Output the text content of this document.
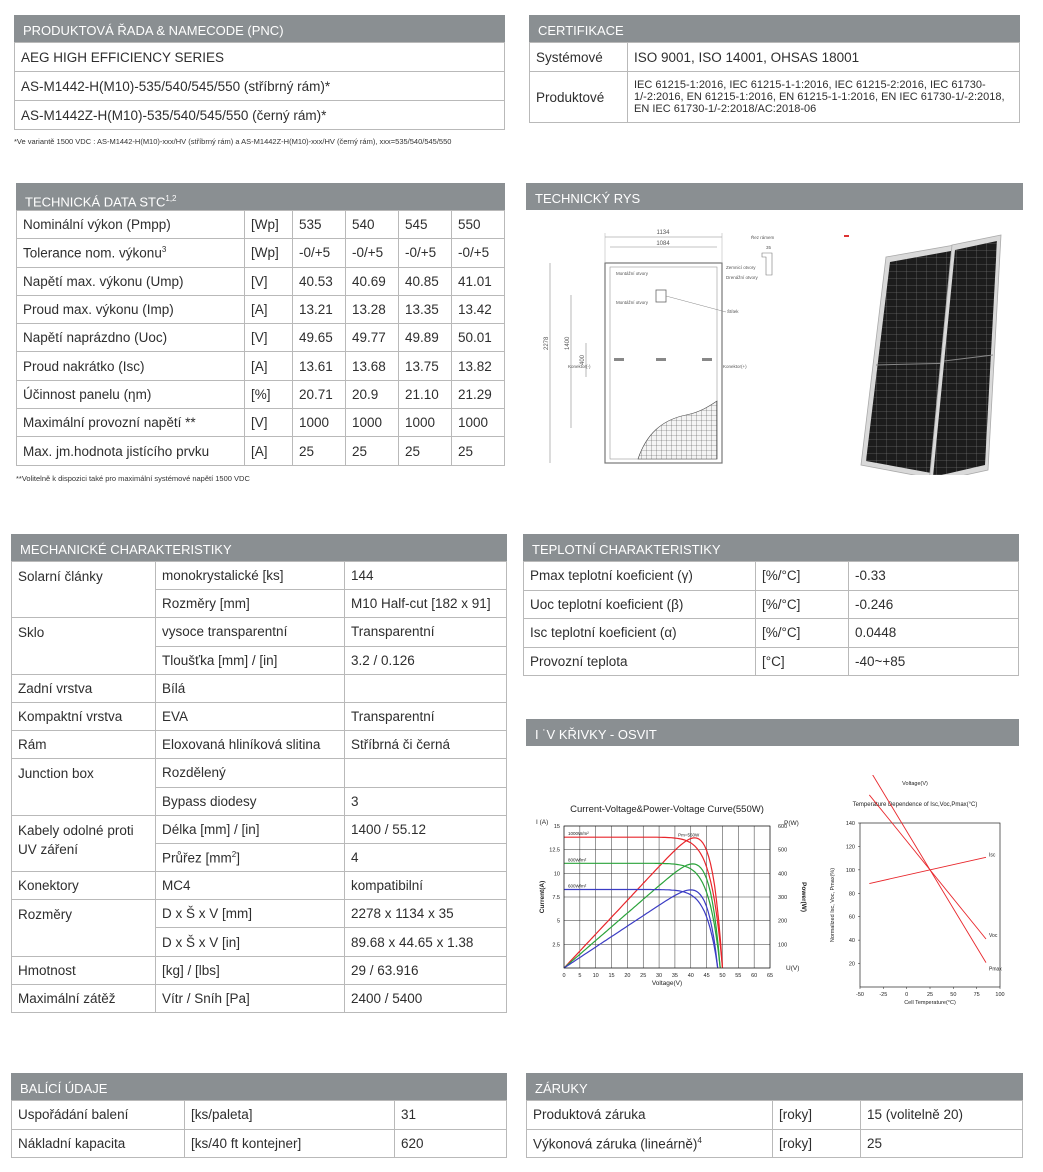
PRODUKTOVÁ ŘADA & NAMECODE (PNC)
AEG HIGH EFFICIENCY SERIES
AS-M1442-H(M10)-535/540/545/550 (stříbrný rám)*
AS-M1442Z-H(M10)-535/540/545/550 (černý rám)*
*Ve variantě 1500 VDC : AS-M1442-H(M10)-xxx/HV (stříbrný rám) a AS-M1442Z-H(M10)-xxx/HV (černý rám), xxx=535/540/545/550
CERTIFIKACE
Systémové	ISO 9001, ISO 14001, OHSAS 18001
Produktové	IEC 61215-1:2016, IEC 61215-1-1:2016, IEC 61215-2:2016, IEC 61730-1/-2:2016, EN 61215-1:2016, EN 61215-1-1:2016, EN IEC 61730-1/-2:2018, EN IEC 61730-1/-2:2018/AC:2018-06
TECHNICKÁ DATA STC$^{1,2}$
Nominální výkon (Pmpp)	[Wp]	535	540	545	550
Tolerance nom. výkonu$^3$	[Wp]	-0/+5	-0/+5	-0/+5	-0/+5
Napětí max. výkonu (Ump)	[V]	40.53	40.69	40.85	41.01
Proud max. výkonu (Imp)	[A]	13.21	13.28	13.35	13.42
Napětí naprázdno (Uoc)	[V]	49.65	49.77	49.89	50.01
Proud nakrátko (Isc)	[A]	13.61	13.68	13.75	13.82
Účinnost panelu (ηm)	[%]	20.71	20.9	21.10	21.29
Maximální provozní napětí **	[V]	1000	1000	1000	1000
Max. jm.hodnota jistícího prvku	[A]	25	25	25	25
**Volitelně k dispozici také pro maximální systémové napětí 1500 VDC
TECHNICKÝ RYS
1134
1084
2278	1400
400
Konektor(-)	Konektor(+)
Štítek
Montážní otvory
Montážní otvory
Zemnicí otvory
Drenážní otvory
Řez rámem
35
MECHANICKÉ CHARAKTERISTIKY
Solarní články	monokrystalické [ks]	144
	Rozměry [mm]	M10 Half-cut [182 x 91]
Sklo	vysoce transparentní	Transparentní
	Tloušťka [mm] / [in]	3.2 / 0.126
Zadní vrstva	Bílá	
Kompaktní vrstva	EVA	Transparentní
Rám	Eloxovaná hliníková slitina	Stříbrná či černá
Junction box	Rozdělený	
	Bypass diodesy	3
Kabely odolné proti UV záření	Délka [mm] / [in]	1400 / 55.12
	Průřez $[mm^2]$	4
Konektory	MC4	kompatibilní
Rozměry	D x Š x V [mm]	2278 x 1134 x 35
	D x Š x V [in]	89.68 x 44.65 x 1.38
Hmotnost	[kg] / [lbs]	29 / 63.916
Maximální zátěž	Vítr / Sníh [Pa]	2400 / 5400
TEPLOTNÍ CHARAKTERISTIKY
Pmax teplotní koeficient (γ)	[%/°C]	-0.33
Uoc teplotní koeficient (β)	[%/°C]	-0.246
Isc teplotní koeficient (α)	[%/°C]	0.0448
Provozní teplota	[°C]	-40~+85
I ˙V KŘIVKY - OSVIT
Current-Voltage&Power-Voltage Curve(550W)
0 5 10 15 20 25 30 35 40 45 50 55 60 65
2.5
5
7.5
10
12.5
15
100
200
300
400
500
600
I (A)	P(W)
U(V)
Voltage(V)
Current(A)	Power(W)
1000W/m²
800W/m²
600W/m²
Pm=550W
Voltage(V)
Temperature Dependence of Isc,Voc,Pmax(°C)
-50	-25	0	25	50	75	100
20
40
60
80
100
120
140
Cell Temperature(°C)
Normalized Isc, Voc, Pmax(%)
Isc
Voc
Pmax
BALÍCÍ ÚDAJE
Uspořádání balení	[ks/paleta]	31
Nákladní kapacita	[ks/40 ft kontejner]	620
ZÁRUKY
Produktová záruka	[roky]	15 (volitelně 20)
Výkonová záruka (lineárně)$^4$	[roky]	25
